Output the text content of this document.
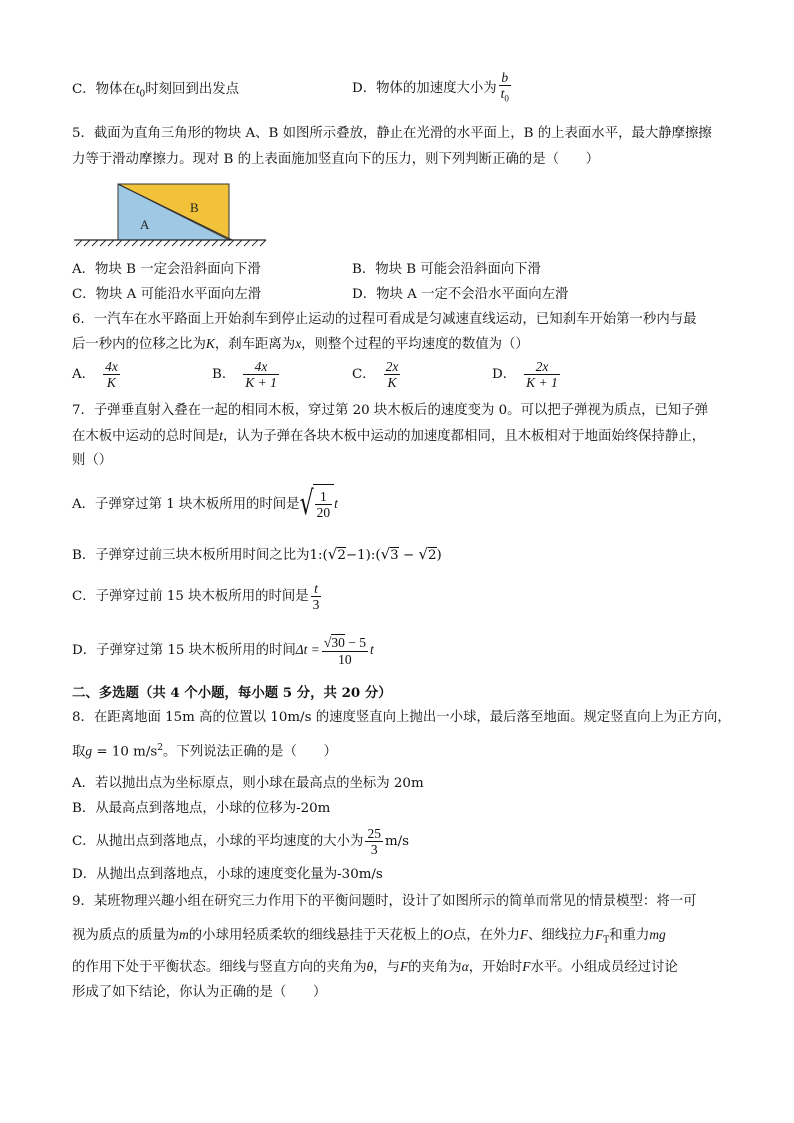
C．物体在$t_0$时刻回到出发点	D．物体的加速度大小为 $\frac{b}{t_0}$
5．截面为直角三角形的物块 A、B 如图所示叠放，静止在光滑的水平面上，B 的上表面水平，最大静摩擦擦
力等于滑动摩擦力。现对 B 的上表面施加竖直向下的压力，则下列判断正确的是（　　）
A
B
A．物块 B 一定会沿斜面向下滑	B．物块 B 可能会沿斜面向下滑
C．物块 A 可能沿水平面向左滑	D．物块 A 一定不会沿水平面向左滑
6．一汽车在水平路面上开始刹车到停止运动的过程可看成是匀减速直线运动，已知刹车开始第一秒内与最
后一秒内的位移之比为K，刹车距离为x，则整个过程的平均速度的数值为（）
A． $\frac{4x}{K}$	B． $\frac{4x}{K + 1}$	C． $\frac{2x}{K}$	D． $\frac{2x}{K + 1}$
7．子弹垂直射入叠在一起的相同木板，穿过第 20 块木板后的速度变为 0。可以把子弹视为质点，已知子弹
在木板中运动的总时间是t，认为子弹在各块木板中运动的加速度都相同，且木板相对于地面始终保持静止，
则（）
A．子弹穿过第 1 块木板所用的时间是√ $\frac{1}{20}$ t
B．子弹穿过前三块木板所用时间之比为1:(√2−1):(√3 − √2)
C．子弹穿过前 15 块木板所用的时间是 $\frac{t}{3}$
D．子弹穿过第 15 块木板所用的时间$\Delta t = \frac{√30 - 5}{10}$ t
二、多选题（共 4 个小题，每小题 5 分，共 20 分）
8．在距离地面 15m 高的位置以 10m/s 的速度竖直向上抛出一小球，最后落至地面。规定竖直向上为正方向，
取g = 10 $m/s^2$。下列说法正确的是（　　）
A．若以抛出点为坐标原点，则小球在最高点的坐标为 20m
B．从最高点到落地点，小球的位移为-20m
C．从抛出点到落地点，小球的平均速度的大小为 $\frac{25}{3} m/s$
D．从抛出点到落地点，小球的速度变化量为-30m/s
9．某班物理兴趣小组在研究三力作用下的平衡问题时，设计了如图所示的简单而常见的情景模型：将一可
视为质点的质量为m的小球用轻质柔软的细线悬挂于天花板上的O点，在外力F、细线拉力$F_T$和重力mg
的作用下处于平衡状态。细线与竖直方向的夹角为θ，与F的夹角为α，开始时F水平。小组成员经过讨论
形成了如下结论，你认为正确的是（　　）
